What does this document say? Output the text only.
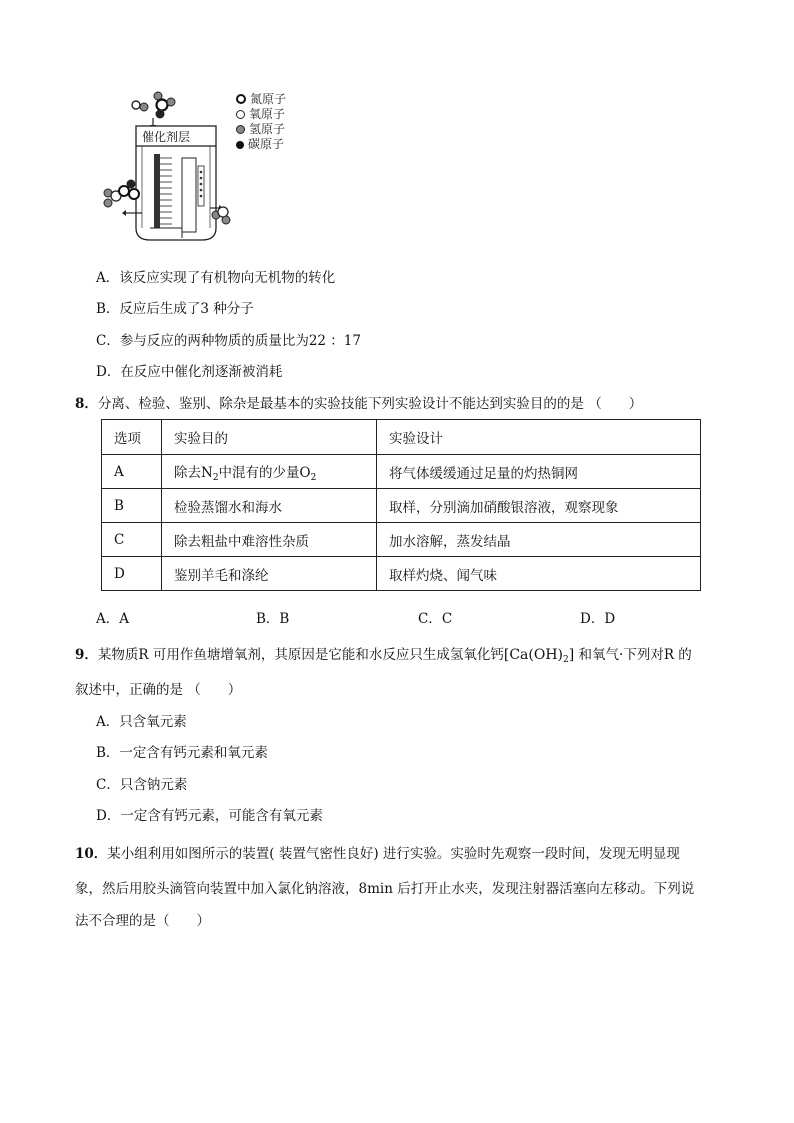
催化剂层
氮原子
氧原子
氢原子
碳原子
A．该反应实现了有机物向无机物的转化
B．反应后生成了3 种分子
C．参与反应的两种物质的质量比为22 ：17
D．在反应中催化剂逐渐被消耗
8．分离、检验、鉴别、除杂是最基本的实验技能下列实验设计不能达到实验目的的是 （　　）
选项	实验目的	实验设计
A	除去$N_2$中混有的少量$O_2$	将气体缓缓通过足量的灼热铜网
B	检验蒸馏水和海水	取样，分别滴加硝酸银溶液，观察现象
C	除去粗盐中难溶性杂质	加水溶解，蒸发结晶
D	鉴别羊毛和涤纶	取样灼烧、闻气味
A．A	B．B	C．C	D．D
9．某物质R 可用作鱼塘增氧剂，其原因是它能和水反应只生成氢氧化钙$[Ca(OH)_2]$ 和氧气·下列对R 的
叙述中，正确的是 （　　）
A．只含氧元素
B．一定含有钙元素和氧元素
C．只含钠元素
D．一定含有钙元素，可能含有氧元素
10．某小组利用如图所示的装置( 装置气密性良好) 进行实验。实验时先观察一段时间，发现无明显现
象，然后用胶头滴管向装置中加入氯化钠溶液，8min 后打开止水夹，发现注射器活塞向左移动。下列说
法不合理的是（　　）
